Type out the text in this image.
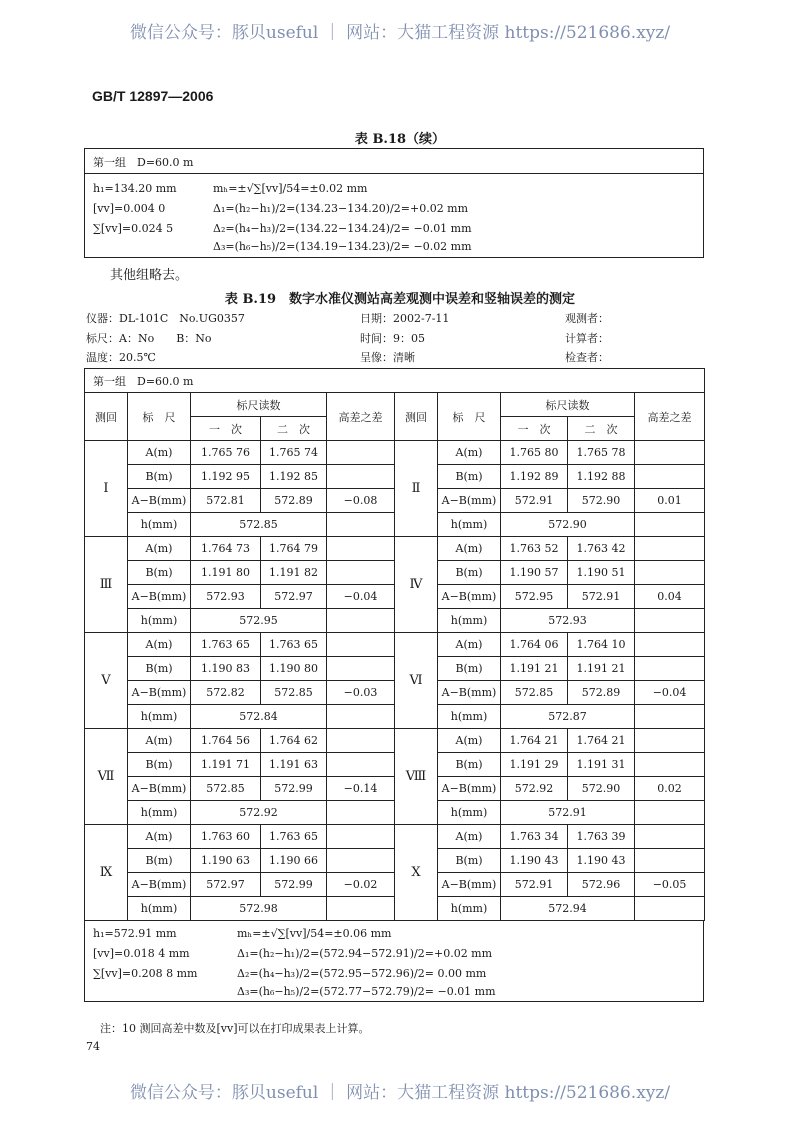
微信公众号：豚贝useful ｜ 网站：大猫工程资源 https://521686.xyz/
GB/T 12897—2006
表 B.18（续）
第一组　D=60.0 m
h₁=134.20 mm
[vv]=0.004 0
∑[vv]=0.024 5
mₕ=±√∑[vv]/54=±0.02 mm
Δ₁=(h₂−h₁)/2=(134.23−134.20)/2=+0.02 mm
Δ₂=(h₄−h₃)/2=(134.22−134.24)/2= −0.01 mm
Δ₃=(h₆−h₅)/2=(134.19−134.23)/2= −0.02 mm
其他组略去。
表 B.19　数字水准仪测站高差观测中误差和竖轴误差的测定
仪器：DL-101C　No.UG0357	日期：2002-7-11	观测者：
标尺：A：No　　B：No	时间：9：05	计算者：
温度：20.5℃	呈像：清晰	检查者：
第一组　D=60.0 m									
测回	标　尺	标尺读数		高差之差	测回	标　尺	标尺读数		高差之差
		一　次	二　次				一　次	二　次	
Ⅰ	A(m)	1.765 76	1.765 74		Ⅱ	A(m)	1.765 80	1.765 78	
	B(m)	1.192 95	1.192 85			B(m)	1.192 89	1.192 88	
	A−B(mm)	572.81	572.89	−0.08		A−B(mm)	572.91	572.90	0.01
	h(mm)	572.85				h(mm)	572.90		
Ⅲ	A(m)	1.764 73	1.764 79		Ⅳ	A(m)	1.763 52	1.763 42	
	B(m)	1.191 80	1.191 82			B(m)	1.190 57	1.190 51	
	A−B(mm)	572.93	572.97	−0.04		A−B(mm)	572.95	572.91	0.04
	h(mm)	572.95				h(mm)	572.93		
Ⅴ	A(m)	1.763 65	1.763 65		Ⅵ	A(m)	1.764 06	1.764 10	
	B(m)	1.190 83	1.190 80			B(m)	1.191 21	1.191 21	
	A−B(mm)	572.82	572.85	−0.03		A−B(mm)	572.85	572.89	−0.04
	h(mm)	572.84				h(mm)	572.87		
Ⅶ	A(m)	1.764 56	1.764 62		Ⅷ	A(m)	1.764 21	1.764 21	
	B(m)	1.191 71	1.191 63			B(m)	1.191 29	1.191 31	
	A−B(mm)	572.85	572.99	−0.14		A−B(mm)	572.92	572.90	0.02
	h(mm)	572.92				h(mm)	572.91		
Ⅸ	A(m)	1.763 60	1.763 65		Ⅹ	A(m)	1.763 34	1.763 39	
	B(m)	1.190 63	1.190 66			B(m)	1.190 43	1.190 43	
	A−B(mm)	572.97	572.99	−0.02		A−B(mm)	572.91	572.96	−0.05
	h(mm)	572.98				h(mm)	572.94		
h₁=572.91 mm
[vv]=0.018 4 mm
∑[vv]=0.208 8 mm
mₕ=±√∑[vv]/54=±0.06 mm
Δ₁=(h₂−h₁)/2=(572.94−572.91)/2=+0.02 mm
Δ₂=(h₄−h₃)/2=(572.95−572.96)/2= 0.00 mm
Δ₃=(h₆−h₅)/2=(572.77−572.79)/2= −0.01 mm
注：10 测回高差中数及[vv]可以在打印成果表上计算。
74
微信公众号：豚贝useful ｜ 网站：大猫工程资源 https://521686.xyz/
